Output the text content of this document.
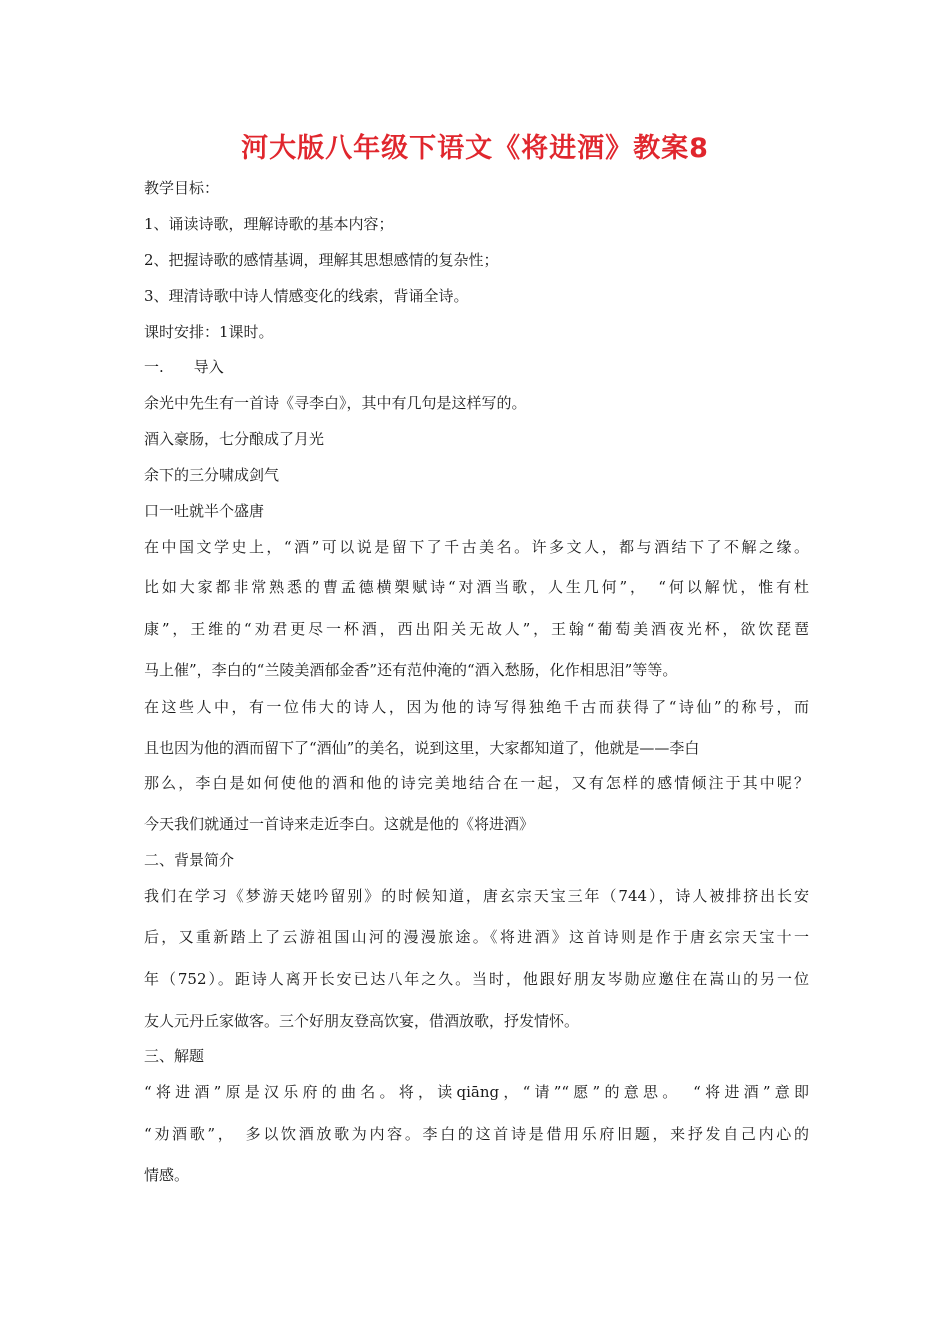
河大版八年级下语文《将进酒》教案8

教学目标：

1、诵读诗歌，理解诗歌的基本内容；

2、把握诗歌的感情基调，理解其思想感情的复杂性；

3、理清诗歌中诗人情感变化的线索，背诵全诗。

课时安排：1课时。

一.　　导入

余光中先生有一首诗《寻李白》，其中有几句是这样写的。

酒入豪肠，七分酿成了月光

余下的三分啸成剑气

口一吐就半个盛唐

在中国文学史上，“酒”可以说是留下了千古美名。许多文人，都与酒结下了不解之缘。

比如大家都非常熟悉的曹孟德横槊赋诗“对酒当歌，人生几何”，　“何以解忧，惟有杜

康”，王维的“劝君更尽一杯酒，西出阳关无故人”，王翰“葡萄美酒夜光杯，欲饮琵琶

马上催”，李白的“兰陵美酒郁金香”还有范仲淹的“酒入愁肠，化作相思泪”等等。

在这些人中，有一位伟大的诗人，因为他的诗写得独绝千古而获得了“诗仙”的称号，而

且也因为他的酒而留下了“酒仙”的美名，说到这里，大家都知道了，他就是——李白

那么，李白是如何使他的酒和他的诗完美地结合在一起，又有怎样的感情倾注于其中呢？

今天我们就通过一首诗来走近李白。这就是他的《将进酒》

二、背景简介

我们在学习《梦游天姥吟留别》的时候知道，唐玄宗天宝三年（744），诗人被排挤出长安

后，又重新踏上了云游祖国山河的漫漫旅途。《将进酒》这首诗则是作于唐玄宗天宝十一

年（752）。距诗人离开长安已达八年之久。当时，他跟好朋友岑勋应邀住在嵩山的另一位

友人元丹丘家做客。三个好朋友登高饮宴，借酒放歌，抒发情怀。

三、解题

“将进酒”原是汉乐府的曲名。将，读qiāng，“请”“愿”的意思。　“将进酒”意即

“劝酒歌”，　多以饮酒放歌为内容。李白的这首诗是借用乐府旧题，来抒发自己内心的

情感。
